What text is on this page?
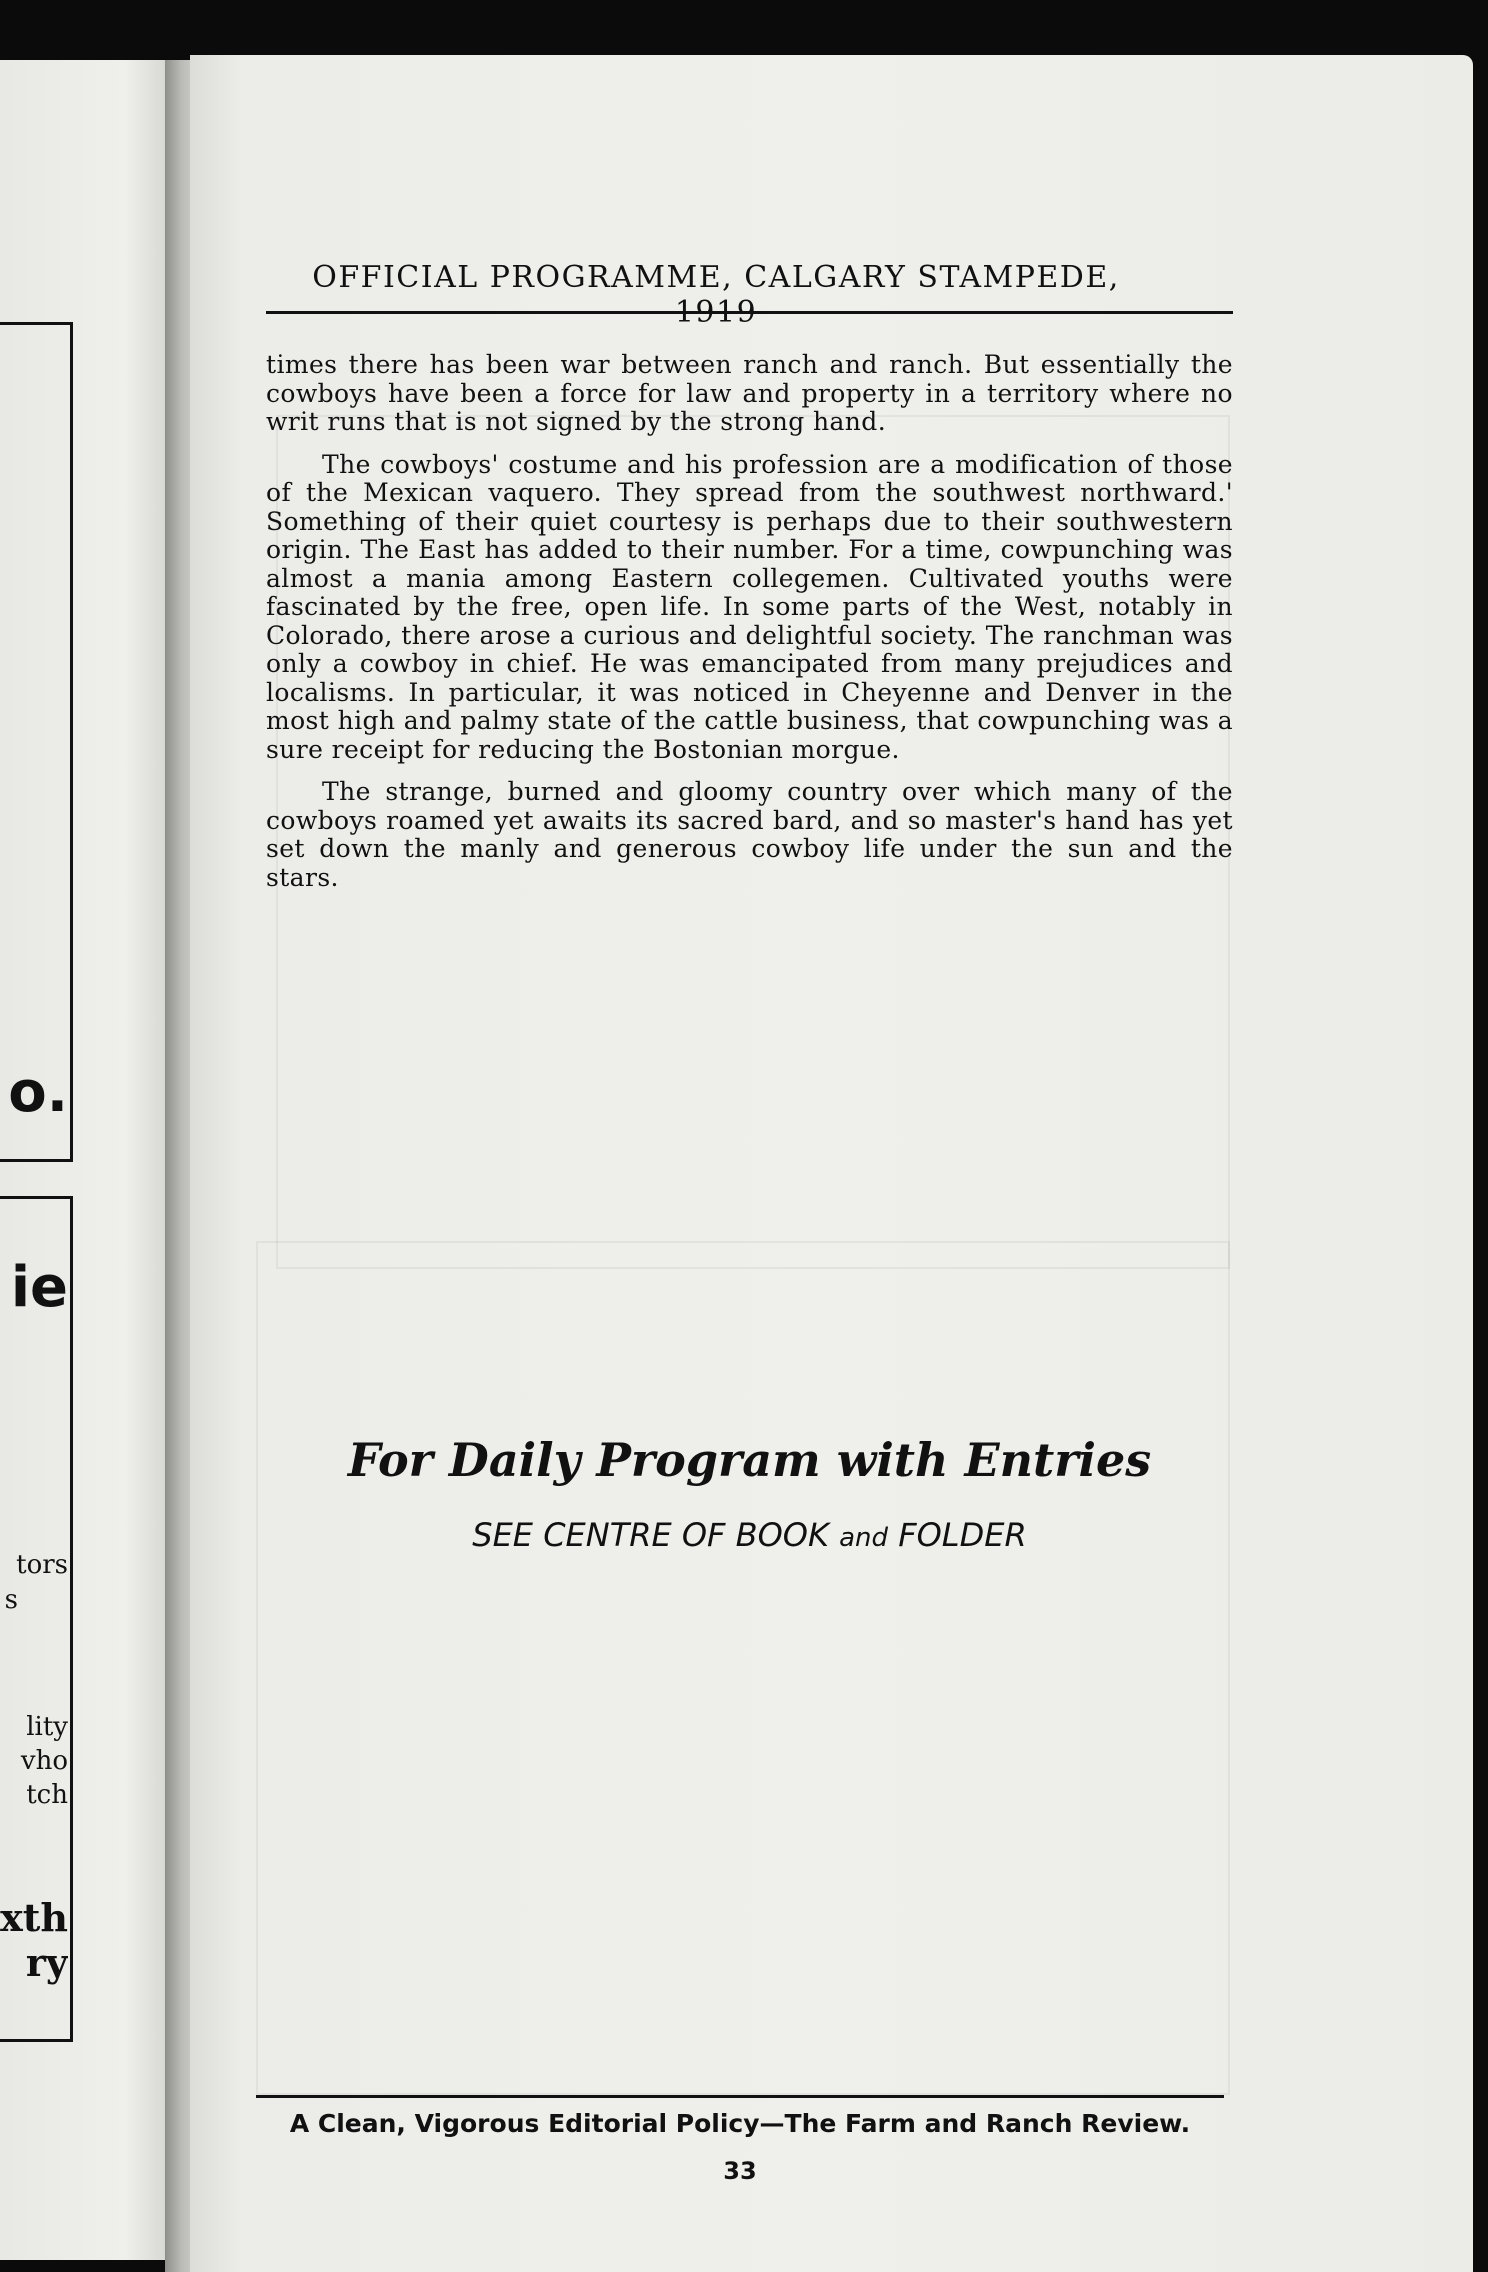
o.
ie
tors
s
lity
vho
tch
xth
ry
OFFICIAL PROGRAMME, CALGARY STAMPEDE, 1919

times there has been war between ranch and ranch. But essentially the cowboys have been a force for law and property in a territory where no writ runs that is not signed by the strong hand.

The cowboys' costume and his profession are a modification of those of the Mexican vaquero. They spread from the southwest northward.' Something of their quiet courtesy is perhaps due to their southwestern origin. The East has added to their number. For a time, cowpunching was almost a mania among Eastern collegemen. Cultivated youths were fascinated by the free, open life. In some parts of the West, notably in Colorado, there arose a curious and delightful society. The ranchman was only a cowboy in chief. He was emancipated from many prejudices and localisms. In particular, it was noticed in Cheyenne and Denver in the most high and palmy state of the cattle business, that cowpunching was a sure receipt for reducing the Bostonian morgue.

The strange, burned and gloomy country over which many of the cowboys roamed yet awaits its sacred bard, and so master's hand has yet set down the manly and generous cowboy life under the sun and the stars.

For Daily Program with Entries
SEE CENTRE OF BOOK and FOLDER
A Clean, Vigorous Editorial Policy—The Farm and Ranch Review.
33
